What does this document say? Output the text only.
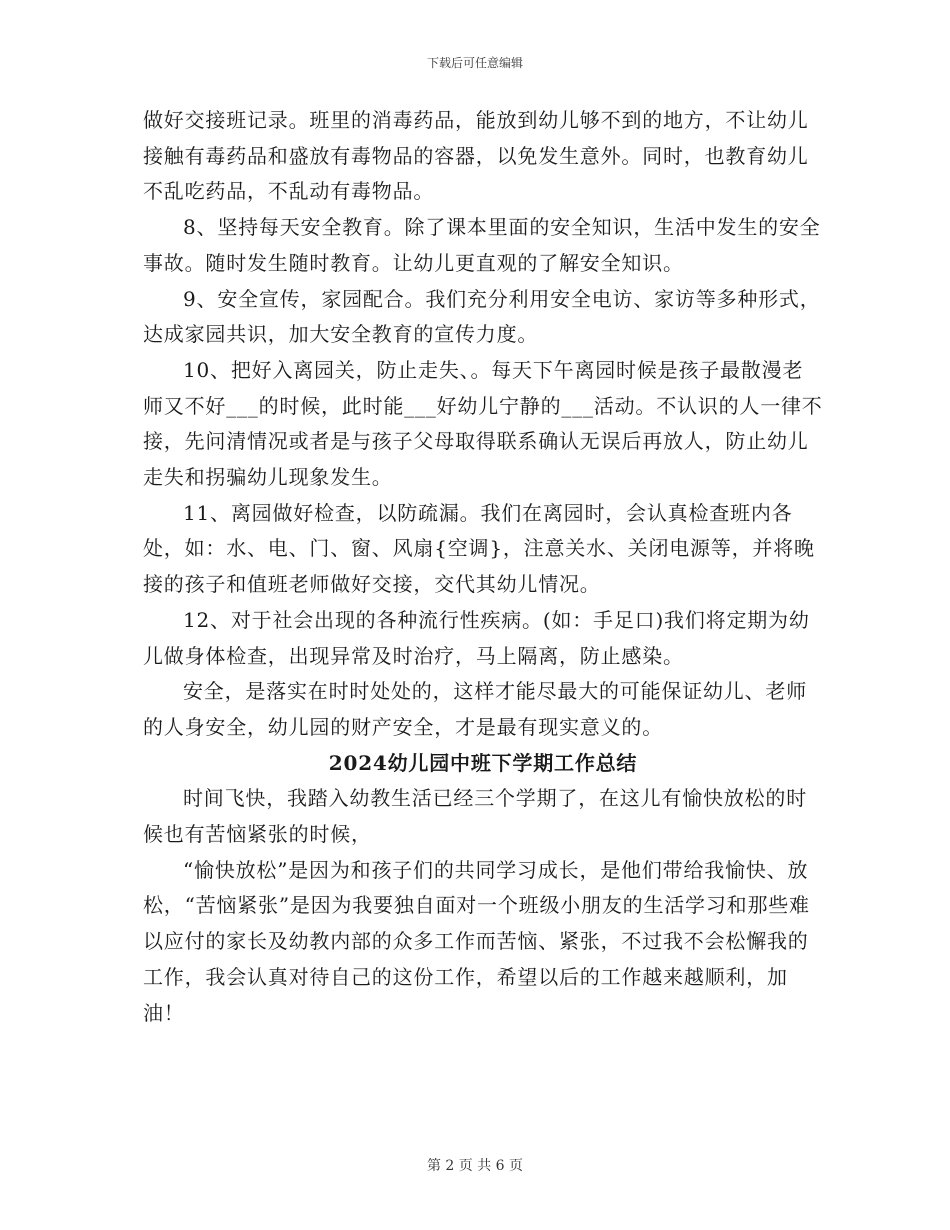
下载后可任意编辑

做好交接班记录。班里的消毒药品，能放到幼儿够不到的地方，不让幼儿接触有毒药品和盛放有毒物品的容器，以免发生意外。同时，也教育幼儿不乱吃药品，不乱动有毒物品。

8、坚持每天安全教育。除了课本里面的安全知识，生活中发生的安全事故。随时发生随时教育。让幼儿更直观的了解安全知识。

9、安全宣传，家园配合。我们充分利用安全电访、家访等多种形式，达成家园共识，加大安全教育的宣传力度。

10、把好入离园关，防止走失、。每天下午离园时候是孩子最散漫老师又不好___的时候，此时能___好幼儿宁静的___活动。不认识的人一律不接，先问清情况或者是与孩子父母取得联系确认无误后再放人，防止幼儿走失和拐骗幼儿现象发生。

11、离园做好检查，以防疏漏。我们在离园时，会认真检查班内各处，如：水、电、门、窗、风扇{空调}，注意关水、关闭电源等，并将晚接的孩子和值班老师做好交接，交代其幼儿情况。

12、对于社会出现的各种流行性疾病。(如：手足口)我们将定期为幼儿做身体检查，出现异常及时治疗，马上隔离，防止感染。

安全，是落实在时时处处的，这样才能尽最大的可能保证幼儿、老师的人身安全，幼儿园的财产安全，才是最有现实意义的。

2024幼儿园中班下学期工作总结

时间飞快，我踏入幼教生活已经三个学期了，在这儿有愉快放松的时候也有苦恼紧张的时候，

“愉快放松”是因为和孩子们的共同学习成长，是他们带给我愉快、放松，“苦恼紧张”是因为我要独自面对一个班级小朋友的生活学习和那些难以应付的家长及幼教内部的众多工作而苦恼、紧张，不过我不会松懈我的工作，我会认真对待自己的这份工作，希望以后的工作越来越顺利，加油！

第 2 页 共 6 页
